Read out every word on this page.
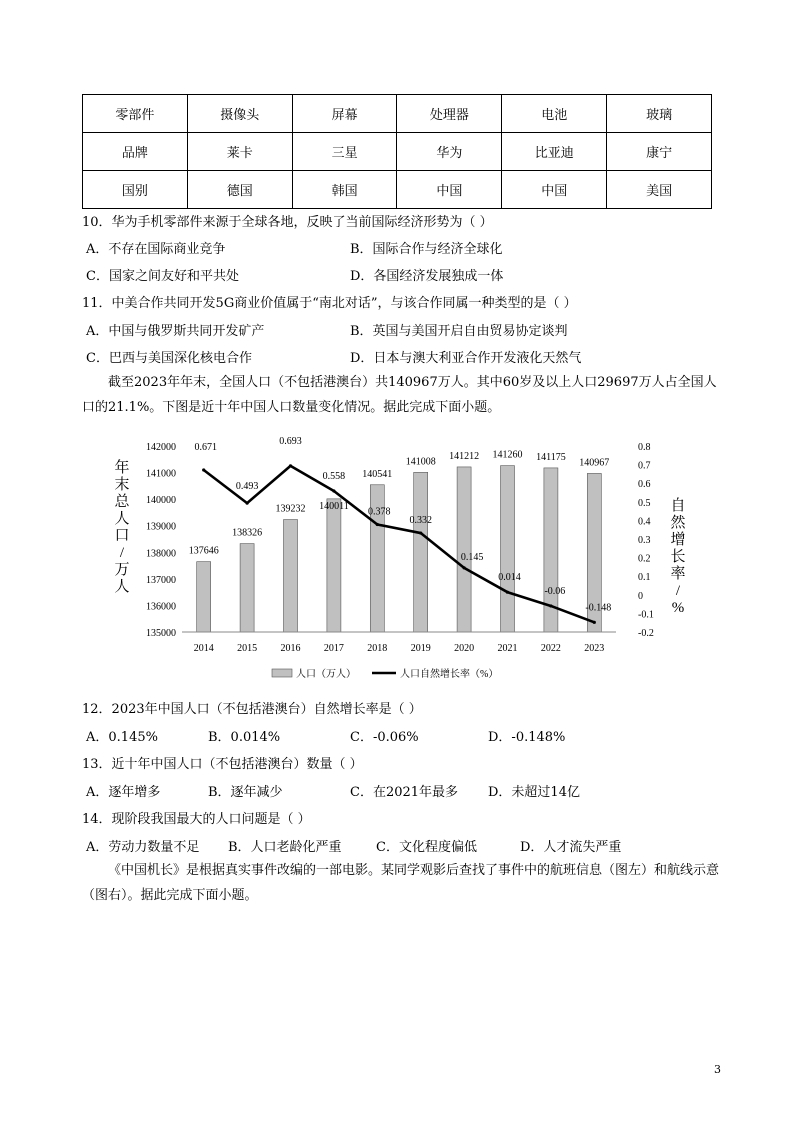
零部件	摄像头	屏幕	处理器	电池	玻璃
品牌	莱卡	三星	华为	比亚迪	康宁
国别	德国	韩国	中国	中国	美国
10．华为手机零部件来源于全球各地，反映了当前国际经济形势为（ ）
A．不存在国际商业竞争	B．国际合作与经济全球化
C．国家之间友好和平共处	D．各国经济发展独成一体
11．中美合作共同开发5G商业价值属于“南北对话”，与该合作同属一种类型的是（ ）
A．中国与俄罗斯共同开发矿产	B．英国与美国开启自由贸易协定谈判
C．巴西与美国深化核电合作	D．日本与澳大利亚合作开发液化天然气
截至2023年年末，全国人口（不包括港澳台）共140967万人。其中60岁及以上人口29697万人占全国人口的21.1%。下图是近十年中国人口数量变化情况。据此完成下面小题。
142000
141000
140000
139000
138000
137000
136000
135000
0.8
0.7
0.6
0.5
0.4
0.3
0.2
0.1
0
-0.1
-0.2
2014 2015 2016 2017 2018 2019 2020 2021 2022 2023
年末总人口/万人
自然增长率/ %
137646
138326
139232 140011
140541
141008 141212 141260 141175
140967
0.671
0.493
0.693
0.558
0.378
0.332
0.145
0.014
-0.06
-0.148
人口（万人）	人口自然增长率（%）
12．2023年中国人口（不包括港澳台）自然增长率是（ ）
A．0.145%	B．0.014%	C．-0.06%	D．-0.148%
13．近十年中国人口（不包括港澳台）数量（ ）
A．逐年增多	B．逐年减少	C．在2021年最多 D．未超过14亿
14．现阶段我国最大的人口问题是（ ）
A．劳动力数量不足 B．人口老龄化严重	C．文化程度偏低	D．人才流失严重
《中国机长》是根据真实事件改编的一部电影。某同学观影后查找了事件中的航班信息（图左）和航线示意（图右）。据此完成下面小题。
3
